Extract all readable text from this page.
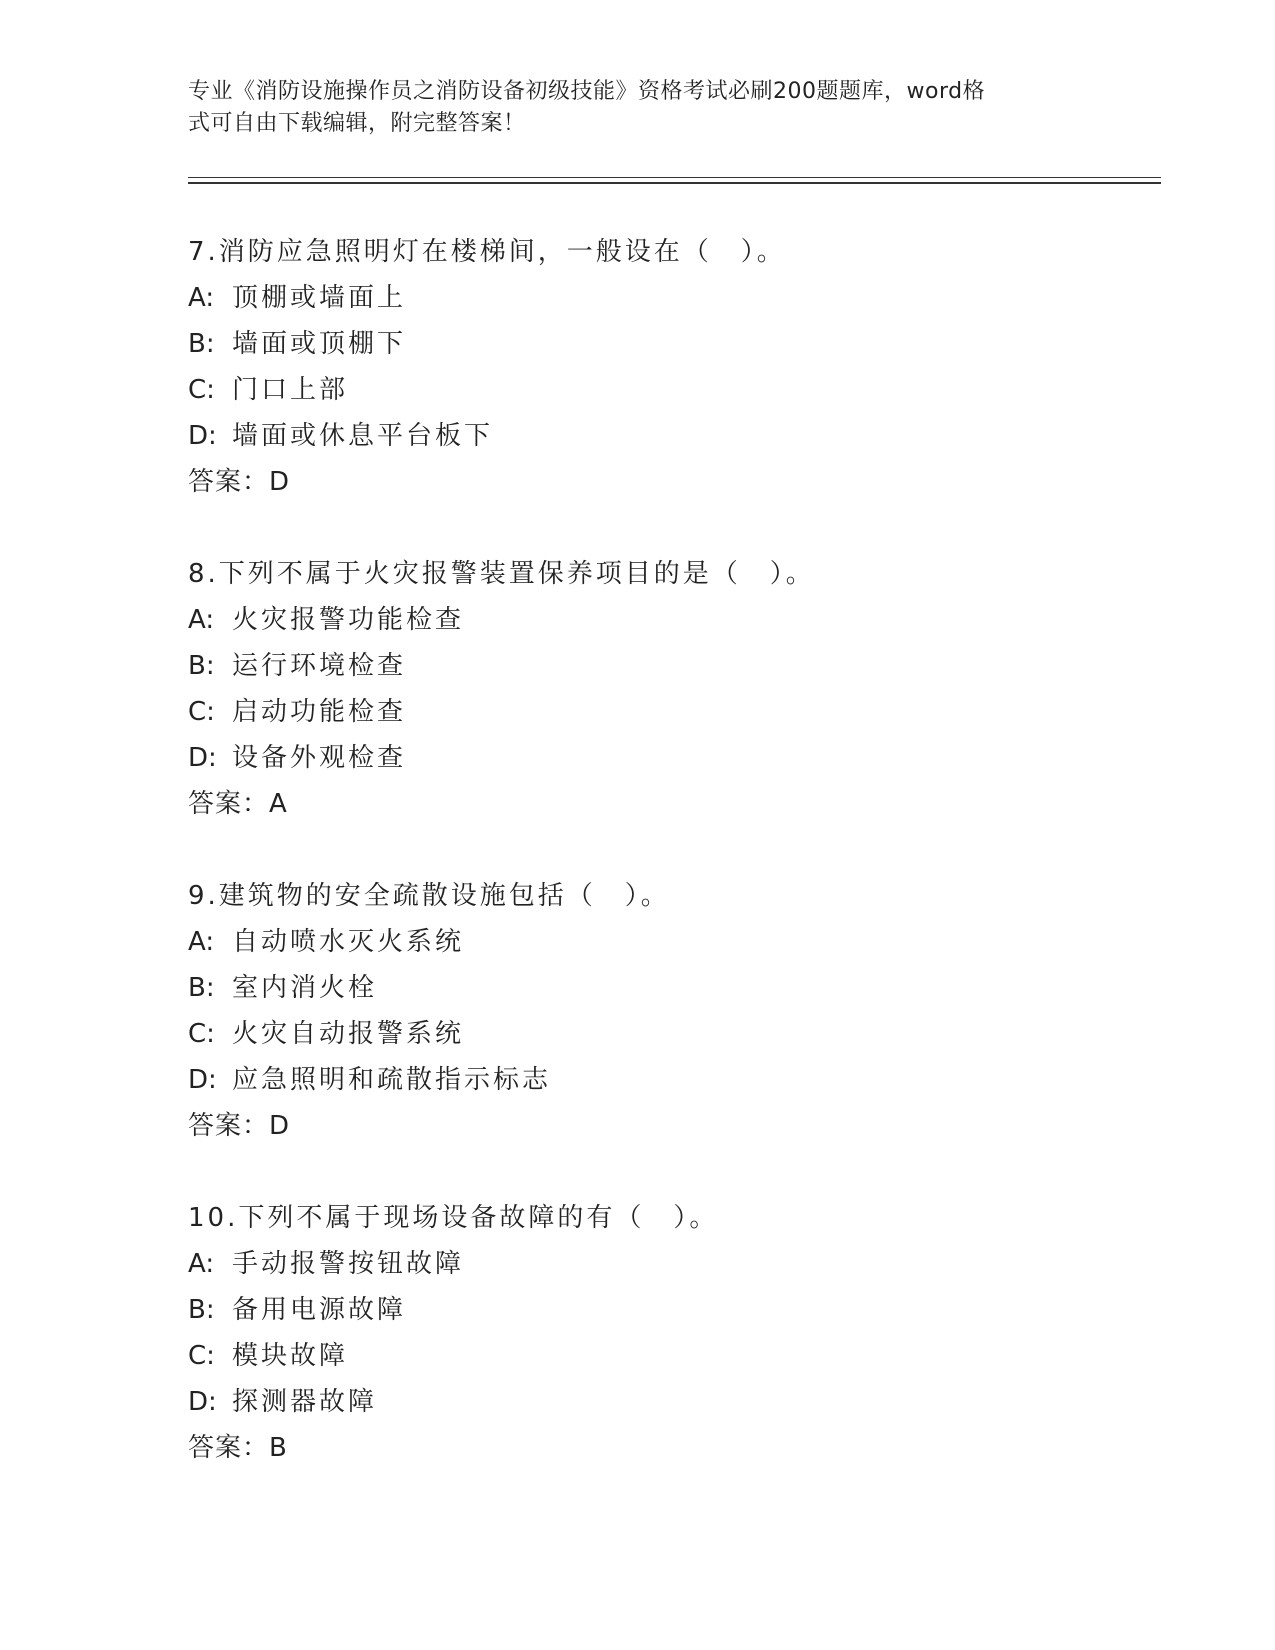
专业《消防设施操作员之消防设备初级技能》资格考试必刷200题题库，word格
式可自由下载编辑，附完整答案！
7.消防应急照明灯在楼梯间，一般设在（　）。
A: 顶棚或墙面上
B: 墙面或顶棚下
C: 门口上部
D: 墙面或休息平台板下
答案：D
8.下列不属于火灾报警装置保养项目的是（　）。
A: 火灾报警功能检查
B: 运行环境检查
C: 启动功能检查
D: 设备外观检查
答案：A
9.建筑物的安全疏散设施包括（　）。
A: 自动喷水灭火系统
B: 室内消火栓
C: 火灾自动报警系统
D: 应急照明和疏散指示标志
答案：D
10.下列不属于现场设备故障的有（　）。
A: 手动报警按钮故障
B: 备用电源故障
C: 模块故障
D: 探测器故障
答案：B
